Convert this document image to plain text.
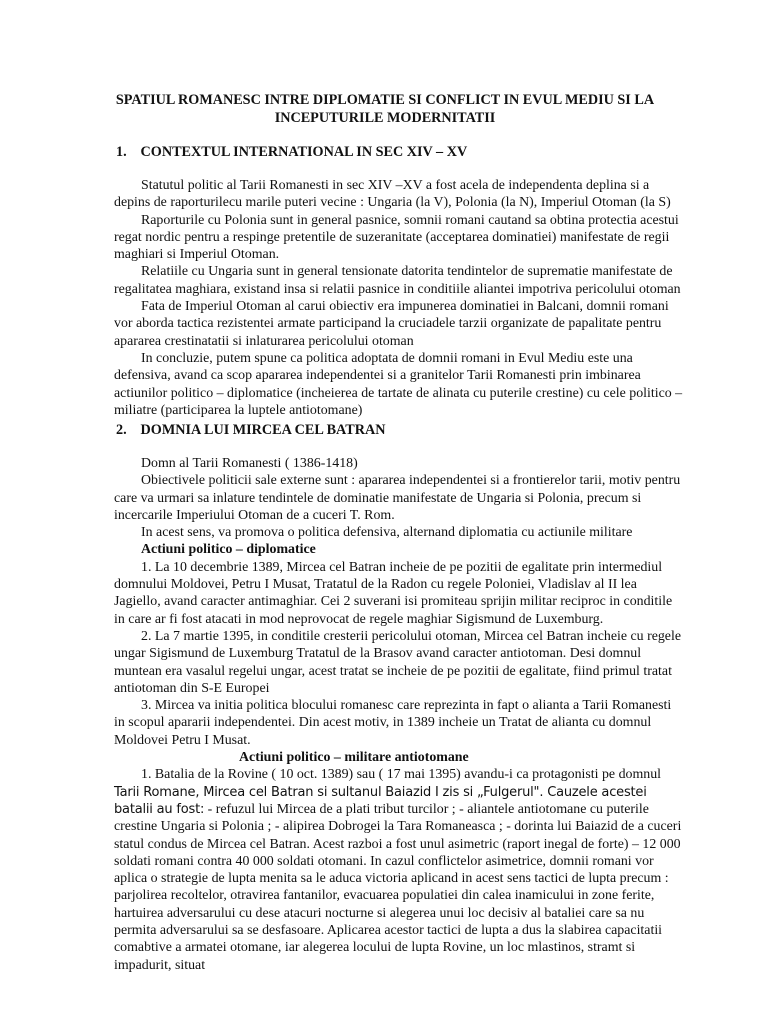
SPATIUL ROMANESC INTRE DIPLOMATIE SI CONFLICT IN EVUL MEDIU SI LA
INCEPUTURILE MODERNITATII
1. CONTEXTUL INTERNATIONAL IN SEC XIV – XV

Statutul politic al Tarii Romanesti in sec XIV –XV a fost acela de independenta deplina si a depins de raporturilecu marile puteri vecine : Ungaria (la V), Polonia (la N), Imperiul Otoman (la S)

Raporturile cu Polonia sunt in general pasnice, somnii romani cautand sa obtina protectia acestui regat nordic pentru a respinge pretentile de suzeranitate (acceptarea dominatiei) manifestate de regii maghiari si Imperiul Otoman.

Relatiile cu Ungaria sunt in general tensionate datorita tendintelor de suprematie manifestate de regalitatea maghiara, existand insa si relatii pasnice in conditiile aliantei impotriva pericolului otoman

Fata de Imperiul Otoman al carui obiectiv era impunerea dominatiei in Balcani, domnii romani vor aborda tactica rezistentei armate participand la cruciadele tarzii organizate de papalitate pentru apararea crestinatatii si inlaturarea pericolului otoman

In concluzie, putem spune ca politica adoptata de domnii romani in Evul Mediu este una defensiva, avand ca scop apararea independentei si a granitelor Tarii Romanesti prin imbinarea actiunilor politico – diplomatice (incheierea de tartate de alinata cu puterile crestine) cu cele politico – miliatre (participarea la luptele antiotomane)

2. DOMNIA LUI MIRCEA CEL BATRAN

Domn al Tarii Romanesti ( 1386-1418)

Obiectivele politicii sale externe sunt : apararea independentei si a frontierelor tarii, motiv pentru care va urmari sa inlature tendintele de dominatie manifestate de Ungaria si Polonia, precum si incercarile Imperiului Otoman de a cuceri T. Rom.

In acest sens, va promova o politica defensiva, alternand diplomatia cu actiunile militare

Actiuni politico – diplomatice

1. La 10 decembrie 1389, Mircea cel Batran incheie de pe pozitii de egalitate prin intermediul domnului Moldovei, Petru I Musat, Tratatul de la Radon cu regele Poloniei, Vladislav al II lea Jagiello, avand caracter antimaghiar. Cei 2 suverani isi promiteau sprijin militar reciproc in conditile in care ar fi fost atacati in mod neprovocat de regele maghiar Sigismund de Luxemburg.

2. La 7 martie 1395, in conditile cresterii pericolului otoman, Mircea cel Batran incheie cu regele ungar Sigismund de Luxemburg Tratatul de la Brasov avand caracter antiotoman. Desi domnul muntean era vasalul regelui ungar, acest tratat se incheie de pe pozitii de egalitate, fiind primul tratat antiotoman din S-E Europei

3. Mircea va initia politica blocului romanesc care reprezinta in fapt o alianta a Tarii Romanesti in scopul apararii independentei. Din acest motiv, in 1389 incheie un Tratat de alianta cu domnul Moldovei Petru I Musat.

Actiuni politico – militare antiotomane

1. Batalia de la Rovine ( 10 oct. 1389) sau ( 17 mai 1395) avandu-i ca protagonisti pe domnul Tarii Romane, Mircea cel Batran si sultanul Baiazid I zis si „Fulgerul". Cauzele acestei batalii au fost: - refuzul lui Mircea de a plati tribut turcilor ; - aliantele antiotomane cu puterile crestine Ungaria si Polonia ; - alipirea Dobrogei la Tara Romaneasca ; - dorinta lui Baiazid de a cuceri statul condus de Mircea cel Batran. Acest razboi a fost unul asimetric (raport inegal de forte) – 12 000 soldati romani contra 40 000 soldati otomani. In cazul conflictelor asimetrice, domnii romani vor aplica o strategie de lupta menita sa le aduca victoria aplicand in acest sens tactici de lupta precum : parjolirea recoltelor, otravirea fantanilor, evacuarea populatiei din calea inamicului in zone ferite, hartuirea adversarului cu dese atacuri nocturne si alegerea unui loc decisiv al bataliei care sa nu permita adversarului sa se desfasoare. Aplicarea acestor tactici de lupta a dus la slabirea capacitatii comabtive a armatei otomane, iar alegerea locului de lupta Rovine, un loc mlastinos, stramt si impadurit, situat
